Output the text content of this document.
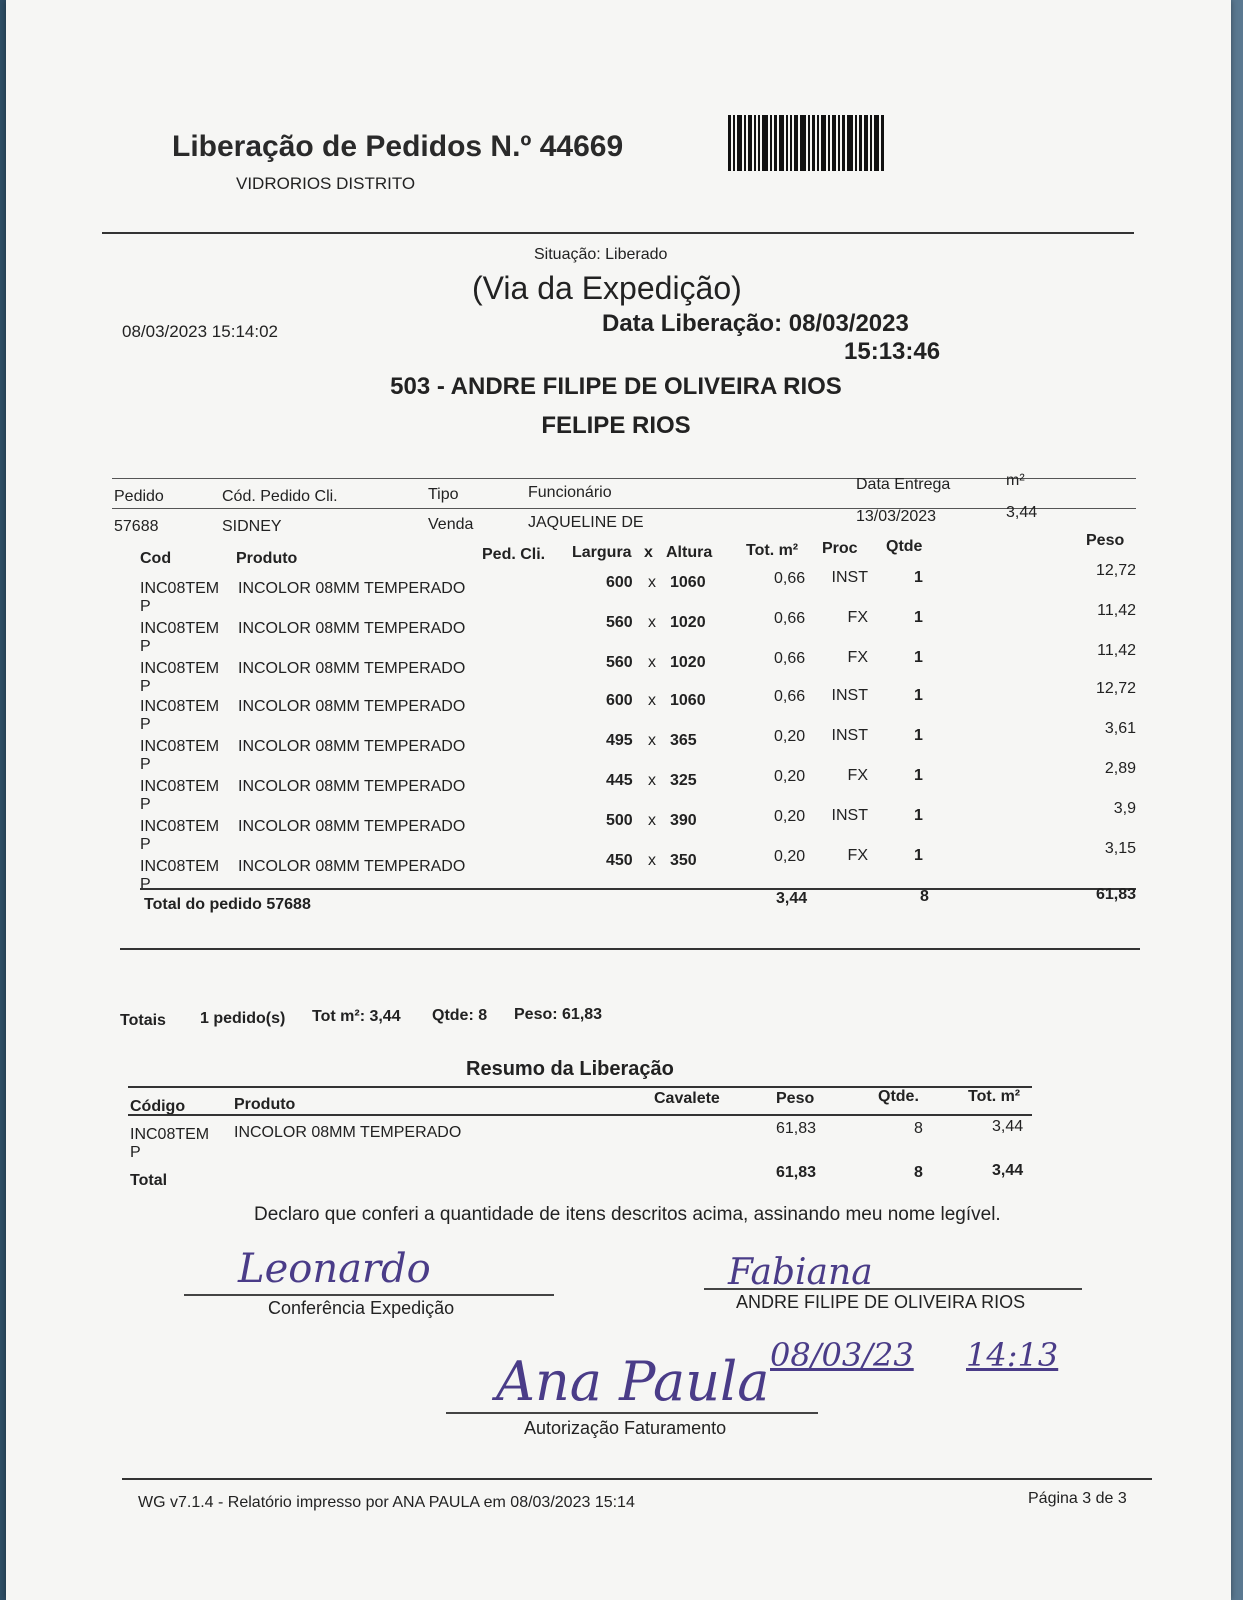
Liberação de Pedidos N.º 44669
VIDRORIOS DISTRITO
Situação: Liberado
(Via da Expedição)
08/03/2023 15:14:02	Data Liberação: 08/03/2023
15:13:46
503 - ANDRE FILIPE DE OLIVEIRA RIOS
FELIPE RIOS
Pedido	Cód. Pedido Cli.	Tipo	Funcionário	Data Entrega	m²
57688	SIDNEY	Venda	JAQUELINE DE	13/03/2023	3,44
Cod	Produto	Ped. Cli. Largura x Altura Tot. m² Proc Qtde	Peso
INC08TEM
P
INCOLOR 08MM TEMPERADO	600 x 1060	0,66	INST	1	12,72
INC08TEM
P
INCOLOR 08MM TEMPERADO	560 x 1020	0,66	FX	1	11,42
INC08TEM
P
INCOLOR 08MM TEMPERADO	560 x 1020	0,66	FX	1	11,42
INC08TEM
P
INCOLOR 08MM TEMPERADO	600 x 1060	0,66	INST	1	12,72
INC08TEM
P
INCOLOR 08MM TEMPERADO	495 x 365	0,20	INST	1	3,61
INC08TEM
P
INCOLOR 08MM TEMPERADO	445 x 325	0,20	FX	1	2,89
INC08TEM
P
INCOLOR 08MM TEMPERADO	500 x 390	0,20	INST	1	3,9
INC08TEM
P
INCOLOR 08MM TEMPERADO	450 x 350	0,20	FX	1	3,15
Total do pedido 57688	3,44	8	61,83
Totais 1 pedido(s) Tot m²: 3,44 Qtde: 8 Peso: 61,83
Resumo da Liberação
Código	Produto	Cavalete	Peso	Qtde.	Tot. m²
INC08TEM
P
INCOLOR 08MM TEMPERADO	61,83	8	3,44
Total	61,83	8	3,44
Declaro que conferi a quantidade de itens descritos acima, assinando meu nome legível.
Leonardo
Conferência Expedição
Fabiana
ANDRE FILIPE DE OLIVEIRA RIOS
08/03/23 14:13
Ana Paula
Autorização Faturamento
WG v7.1.4 - Relatório impresso por ANA PAULA em 08/03/2023 15:14	Página 3 de 3
